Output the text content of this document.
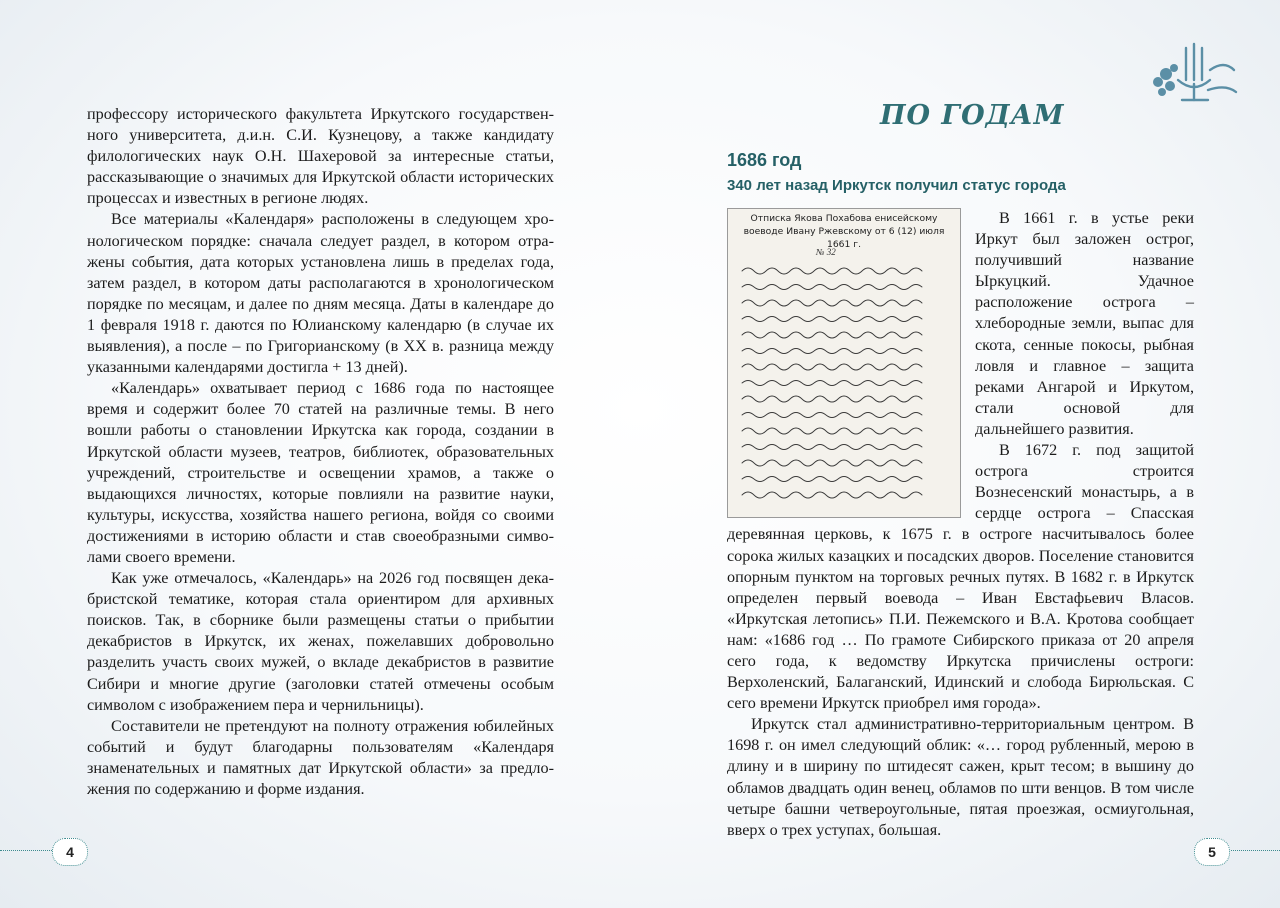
профессору исторического факультета Иркутского государственного университета, д.и.н. С.И. Кузнецову, а также кандидату филологических наук О.Н. Шахеровой за интересные статьи, рассказывающие о значимых для Иркутской области исторических процессах и известных в регионе людях.

Все материалы «Календаря» расположены в следующем хронологическом порядке: сначала следует раздел, в котором отражены события, дата которых установлена лишь в пределах года, затем раздел, в котором даты располагаются в хронологическом порядке по месяцам, и далее по дням месяца. Даты в календаре до 1 февраля 1918 г. даются по Юлианскому календарю (в случае их выявления), а после – по Григорианскому (в XX в. разница между указанными календарями достигла + 13 дней).

«Календарь» охватывает период с 1686 года по настоящее время и содержит более 70 статей на различные темы. В него вошли работы о становлении Иркутска как города, создании в Иркутской области музеев, театров, библиотек, образовательных учреждений, строительстве и освещении храмов, а также о выдающихся личностях, которые повлияли на развитие науки, культуры, искусства, хозяйства нашего региона, войдя со своими достижениями в историю области и став своеобразными символами своего времени.

Как уже отмечалось, «Календарь» на 2026 год посвящен декабристской тематике, которая стала ориентиром для архивных поисков. Так, в сборнике были размещены статьи о прибытии декабристов в Иркутск, их женах, пожелавших добровольно разделить участь своих мужей, о вкладе декабристов в развитие Сибири и многие другие (заголовки статей отмечены особым символом с изображением пера и чернильницы).

Составители не претендуют на полноту отражения юбилейных событий и будут благодарны пользователям «Календаря знаменательных и памятных дат Иркутской области» за предложения по содержанию и форме издания.

ПО ГОДАМ
1686 год
340 лет назад Иркутск получил статус города
Отписка Якова Похабова енисейскому воеводе Ивану Ржевскому от 6 (12) июля 1661 г.
№ 32

В 1661 г. в устье реки Иркут был заложен острог, получивший название Ыркуцкий. Удачное расположение острога – хлебородные земли, выпас для скота, сенные покосы, рыбная ловля и главное – защита реками Ангарой и Иркутом, стали основой для дальнейшего развития.

В 1672 г. под защитой острога строится Вознесенский монастырь, а в сердце острога – Спасская деревянная церковь, к 1675 г. в остроге насчитывалось более сорока жилых казацких и посадских дворов. Поселение становится опорным пунктом на торговых речных путях. В 1682 г. в Иркутск определен первый воевода – Иван Евстафьевич Власов. «Иркутская летопись» П.И. Пежемского и В.А. Кротова сообщает нам: «1686 год … По грамоте Сибирского приказа от 20 апреля сего года, к ведомству Иркутска причислены остроги: Верхоленский, Балаганский, Идинский и слобода Бирюльская. С сего времени Иркутск приобрел имя города».

Иркутск стал административно-территориальным центром. В 1698 г. он имел следующий облик: «… город рубленный, мерою в длину и в ширину по штидесят сажен, крыт тесом; в вышину до обламов двадцать один венец, обламов по шти венцов. В том числе четыре башни четвероугольные, пятая проезжая, осмиугольная, вверх о трех уступах, большая.

4	5
